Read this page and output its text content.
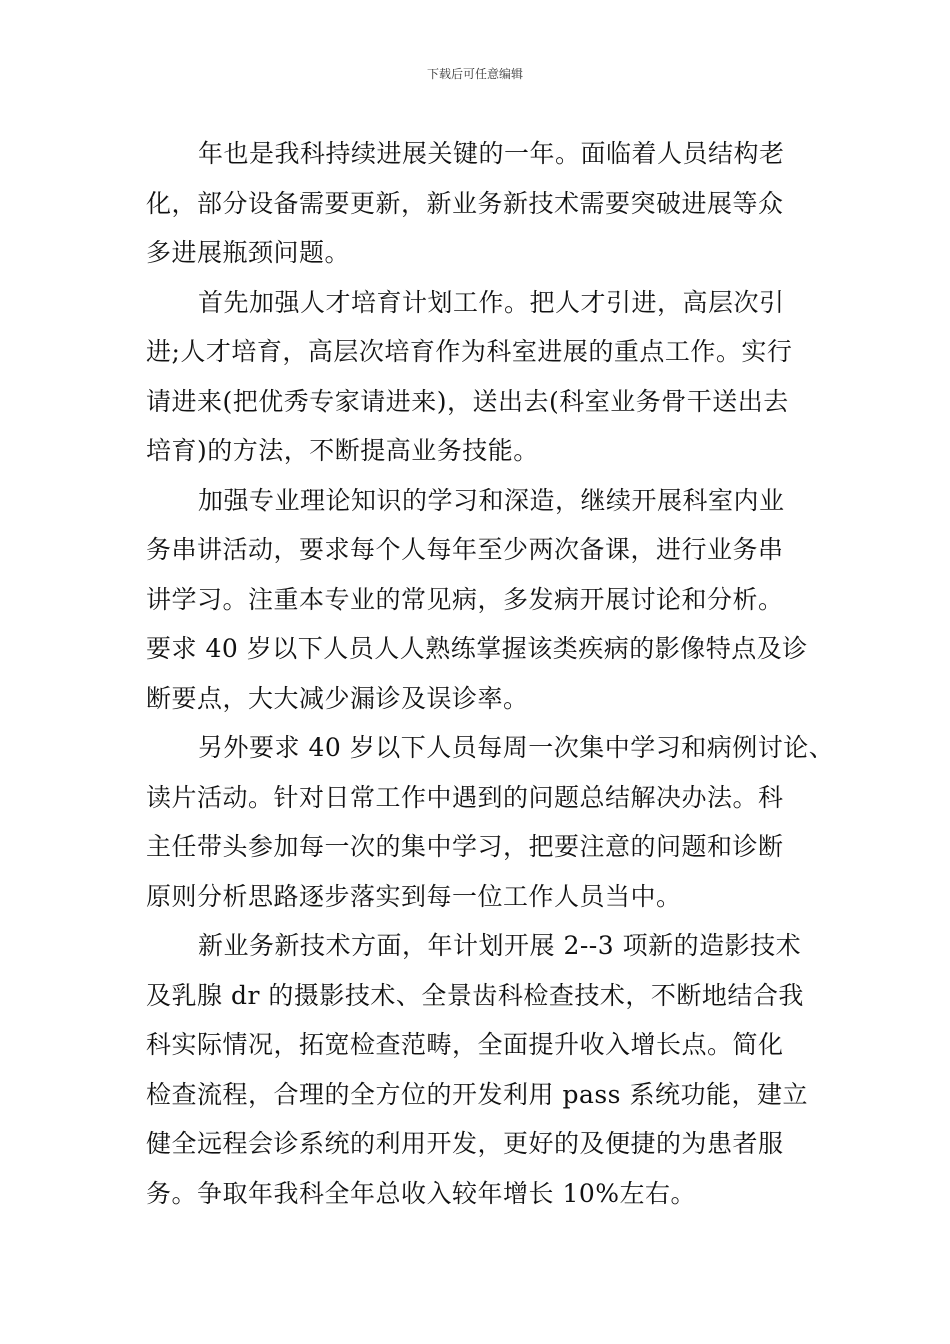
下载后可任意编辑
年也是我科持续进展关键的一年。面临着人员结构老
化，部分设备需要更新，新业务新技术需要突破进展等众
多进展瓶颈问题。
首先加强人才培育计划工作。把人才引进，高层次引
进;人才培育，高层次培育作为科室进展的重点工作。实行
请进来(把优秀专家请进来)，送出去(科室业务骨干送出去
培育)的方法，不断提高业务技能。
加强专业理论知识的学习和深造，继续开展科室内业
务串讲活动，要求每个人每年至少两次备课，进行业务串
讲学习。注重本专业的常见病，多发病开展讨论和分析。
要求 40 岁以下人员人人熟练掌握该类疾病的影像特点及诊
断要点，大大减少漏诊及误诊率。
另外要求 40 岁以下人员每周一次集中学习和病例讨论、
读片活动。针对日常工作中遇到的问题总结解决办法。科
主任带头参加每一次的集中学习，把要注意的问题和诊断
原则分析思路逐步落实到每一位工作人员当中。
新业务新技术方面，年计划开展 2--3 项新的造影技术
及乳腺 dr 的摄影技术、全景齿科检查技术，不断地结合我
科实际情况，拓宽检查范畴，全面提升收入增长点。简化
检查流程，合理的全方位的开发利用 pass 系统功能，建立
健全远程会诊系统的利用开发，更好的及便捷的为患者服
务。争取年我科全年总收入较年增长 10%左右。
